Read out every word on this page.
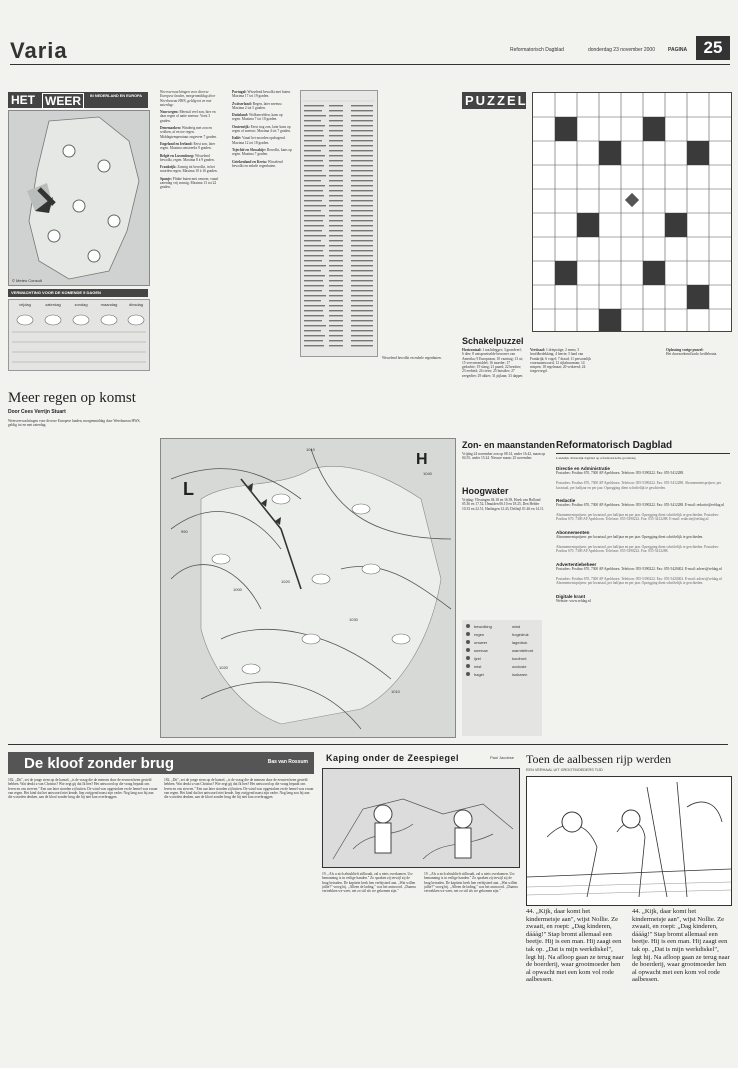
Varia	Reformatorisch Dagblad	donderdag 23 november 2000	PAGINA 25
HET WEER	IN NEDERLAND EN EUROPA
© Meteo Consult
VERWACHTING VOOR DE KOMENDE 5 DAGEN
vrijdag	zaterdag	zondag	maandag	dinsdag
Meer regen op komst
Door Cees Verrijn Stuart

Weersverwachtingen voor diverse Europese landen, morgenmiddag door Weerbureau HWS, geldig tot en met zaterdag:

Weersverwachtingen voor diverse Europese landen, morgenmiddag door Weerbureau HWS, geldig tot en met zaterdag:

Noorwegen: Meestal veel zon, hier en daar regen of natte sneeuw. Vorst 3 graden.

Denemarken: Winderig met zon en wolken, af en toe regen. Middagtemperatuur ongeveer 7 graden.

Engeland en Ierland: Eerst zon, later regen. Maxima omstreeks 9 graden.

België en Luxemburg: Wisselend bewolkt, regen. Maxima 8 à 9 graden.

Frankrijk: Zonnig tot bewolkt, in het noorden regen. Maxima 10 à 16 graden.

Spanje: Flinke buien met onweer, vanaf zaterdag vrij zonnig. Maxima 13 tot 22 graden.

Portugal: Wisselend bewolkt met buien. Maxima 17 tot 19 graden.

Zwitserland: Regen, later sneeuw. Maxima 2 tot 5 graden.

Duitsland: Wolkenvelden, kans op regen. Maxima 7 tot 10 graden.

Oostenrijk: Eerst nog zon, later kans op regen of sneeuw. Maxima 4 tot 7 graden.

Italië: Vanaf het noorden opdrogend. Maxima 12 tot 18 graden.

Tsjechië en Slowakije: Bewolkt, kans op regen. Maxima 7 graden.

Griekenland en Kreta: Wisselend bewolkt en enkele regenbuien.

L
H
1040
1010
1000
1020
990
1030
1020
1010
bewolking
regen
onweer
sneeuw
ijzel
mist
hagel
wind
hogedruk
lagedruk
warmtefront
koufront
occlusie
isobaren
Wisselend bewolkt en enkele regenbuien.
PUZZEL
Schakelpuzzel
Horizontaal: 1 nachtlegger; 3 grondverf; 6 dier; 8 ontsproeiselde bewoner van Amerika; 9 Europeaan; 10 vaartuig; 13 ui; 15 vervoermiddel; 16 moeder; 17 gedachte; 19 slang; 21 paard; 22 bezitter; 23 eerbied; 24 rivier; 25 huisdier; 27 zeegedier; 29 akker; 31 pijlaan; 33 dapper.
Verticaal: 1 driepotige; 2 mens; 3 hoofdbedekking; 4 herrie; 5 land van Frankrijk; 6 vogel; 7 draad; 11 persoonlijk voornaamwoord; 12 rijksbuurman; 14 mispen; 18 regelmaat; 20 verkeerd; 24 toegevoegd.
Oplossing vorige puzzel:
Het doorzoekend kado: kedlebouta.
Zon- en maanstanden
Vrijdag 24 november zon op 08.14, onder 16.42, maan op 04.55, onder 15.24. Nieuwe maan: 25 november.
Hoogwater
Vrijdag: Vlissingen 04.18 en 16.39, Hoek van Holland 05.36 en 17.52, IJmuiden 06.10 en 18.25, Den Helder 10.33 en 22.51, Harlingen 12.43, Delfzijl 01.46 en 14.11.
Reformatorisch Dagblad
Landelijk christelijk dagblad op reformatorische grondslag
Directie en Administratie
Postadres: Postbus 670, 7300 AP Apeldoorn. Telefoon: 055-5390222. Fax: 055-5412288.
Postadres: Postbus 670, 7300 AP Apeldoorn. Telefoon: 055-5390222. Fax: 055-5412288. Abonnementsprijzen: per kwartaal, per halfjaar en per jaar. Opzegging dient schriftelijk te geschieden.
Redactie
Postadres: Postbus 670, 7300 AP Apeldoorn. Telefoon: 055-5390222. Fax: 055-3412288. E-mail: redactie@refdag.nl
Abonnementsprijzen: per kwartaal, per halfjaar en per jaar. Opzegging dient schriftelijk te geschieden. Postadres: Postbus 670, 7300 AP Apeldoorn. Telefoon: 055-5390222. Fax: 055-3412288. E-mail: redactie@refdag.nl
Abonnementen
Abonnementsprijzen: per kwartaal, per halfjaar en per jaar. Opzegging dient schriftelijk te geschieden.
Abonnementsprijzen: per kwartaal, per halfjaar en per jaar. Opzegging dient schriftelijk te geschieden. Postadres: Postbus 670, 7300 AP Apeldoorn. Telefoon: 055-5390222. Fax: 055-5412288.
Advertentiebeheer
Postadres: Postbus 670, 7300 AP Apeldoorn. Telefoon: 055-5390222. Fax: 055-5420402. E-mail: advert@refdag.nl
Postadres: Postbus 670, 7300 AP Apeldoorn. Telefoon: 055-5390222. Fax: 055-5420402. E-mail: advert@refdag.nl Abonnementsprijzen: per kwartaal, per halfjaar en per jaar. Opzegging dient schriftelijk te geschieden.
Digitale krant
Website: www.refdag.nl
De kloof zonder brug	Bas van Rossum
182. „Dit", zei de jonge stem op de kansel, „is de vraag die de mensen door de eeuwen heen gesteld hebben. Wat denkt u van Christus? Wie zegt gij dat Ik ben? Het antwoord op die vraag bepaalt ons leven en ons sterven." Een uur later stonden zij buiten. De wind was opgestoken en de hemel was zwaar van regen. Het kind dat het antwoord niet kende, liep zwijgend naast zijn vader. Nog lang zou hij aan die woorden denken, aan de kloof zonder brug die hij niet kon overbruggen.
182. „Dit", zei de jonge stem op de kansel, „is de vraag die de mensen door de eeuwen heen gesteld hebben. Wat denkt u van Christus? Wie zegt gij dat Ik ben? Het antwoord op die vraag bepaalt ons leven en ons sterven." Een uur later stonden zij buiten. De wind was opgestoken en de hemel was zwaar van regen. Het kind dat het antwoord niet kende, liep zwijgend naast zijn vader. Nog lang zou hij aan die woorden denken, aan de kloof zonder brug die hij niet kon overbruggen.
Kaping onder de Zeespiegel	Paul Jacobse
19. „Als u zich alstublieft stilhoudt, zal u niets overkomen. Uw bemanning is in veilige handen." Zo spraken zij terwijl zij de brug betraden. De kapitein keek hen verbijsterd aan. „Wat willen jullie?" vroeg hij. „Alleen de lading," was het antwoord. „Daarna vertrekken we weer, net zo stil als we gekomen zijn."
19. „Als u zich alstublieft stilhoudt, zal u niets overkomen. Uw bemanning is in veilige handen." Zo spraken zij terwijl zij de brug betraden. De kapitein keek hen verbijsterd aan. „Wat willen jullie?" vroeg hij. „Alleen de lading," was het antwoord. „Daarna vertrekken we weer, net zo stil als we gekomen zijn."
Toen de aalbessen rijp werden
EEN VERHAAL UIT GROOTMOEDERS TIJD
44. „Kijk, daar komt het kindermeisje aan", wijst Nollie. Ze zwaait, en roept: „Dag kinderen, dááág!" Stap bromt allemaal een beetje. Hij is een man. Hij zaagt een tak op. „Dat is mijn werkdiskel", legt hij. Na afloop gaan ze terug naar de boerderij, waar grootmoeder hen al opwacht met een kom vol rode aalbessen.
44. „Kijk, daar komt het kindermeisje aan", wijst Nollie. Ze zwaait, en roept: „Dag kinderen, dááág!" Stap bromt allemaal een beetje. Hij is een man. Hij zaagt een tak op. „Dat is mijn werkdiskel", legt hij. Na afloop gaan ze terug naar de boerderij, waar grootmoeder hen al opwacht met een kom vol rode aalbessen.
